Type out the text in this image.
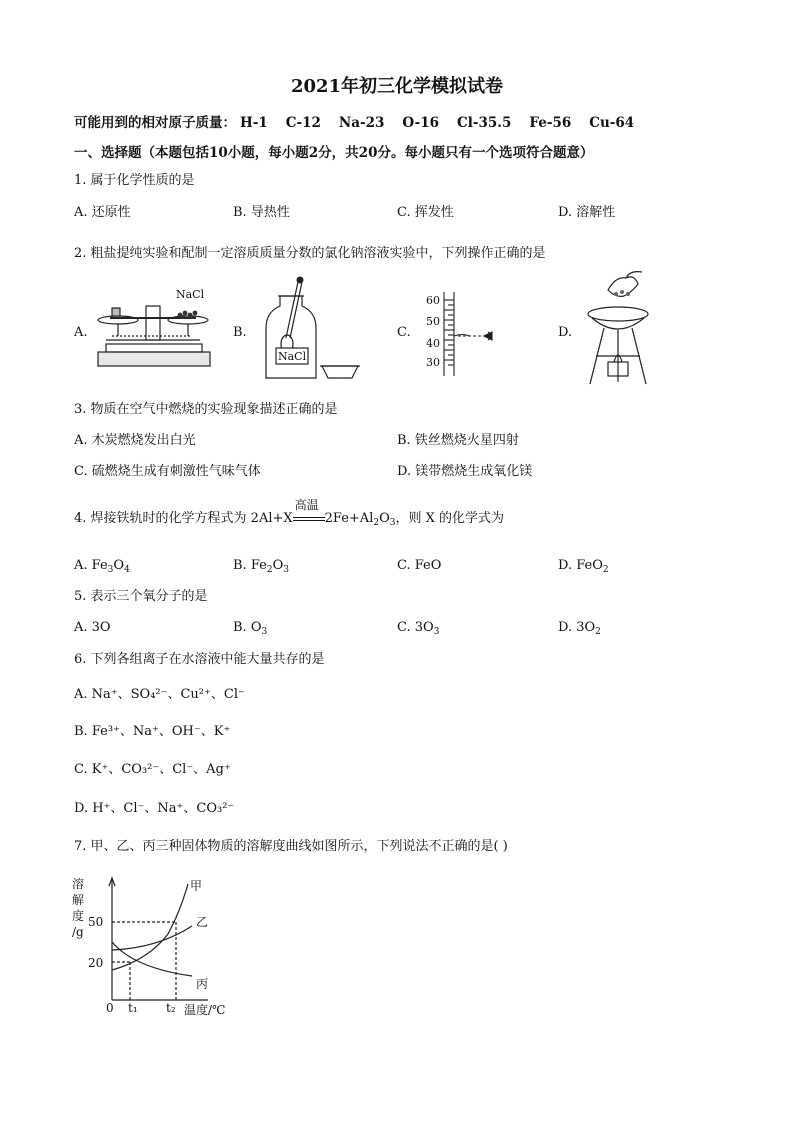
2021年初三化学模拟试卷
可能用到的相对原子质量： H-1 C-12 Na-23 O-16 Cl-35.5 Fe-56 Cu-64
一、选择题（本题包括10小题，每小题2分，共20分。每小题只有一个选项符合题意）
1. 属于化学性质的是
A. 还原性	B. 导热性	C. 挥发性	D. 溶解性
2. 粗盐提纯实验和配制一定溶质质量分数的氯化钠溶液实验中，下列操作正确的是
A.	B.	C.	D.
NaCl
NaCl
60
50
40
30
3. 物质在空气中燃烧的实验现象描述正确的是
A. 木炭燃烧发出白光	B. 铁丝燃烧火星四射
C. 硫燃烧生成有刺激性气味气体	D. 镁带燃烧生成氧化镁
4. 焊接铁轨时的化学方程式为 2Al+X
高温
$2Fe+Al_2O_3$，则 X 的化学式为
A. $Fe_3O_4$	B. $Fe_2O_3$	C. FeO	D. FeO$_2$
5. 表示三个氧分子的是
A. 3O	B. $O_3$	C. $3O_3$	D. $3O_2$
6. 下列各组离子在水溶液中能大量共存的是
A. Na⁺、SO₄²⁻、Cu²⁺、Cl⁻
B. Fe³⁺、Na⁺、OH⁻、K⁺
C. K⁺、CO₃²⁻、Cl⁻、Ag⁺
D. H⁺、Cl⁻、Na⁺、CO₃²⁻
7. 甲、乙、丙三种固体物质的溶解度曲线如图所示，下列说法不正确的是( )
溶
解
度
/g
50
20
0 t₁ t₂ 温度/℃
甲
乙
丙
